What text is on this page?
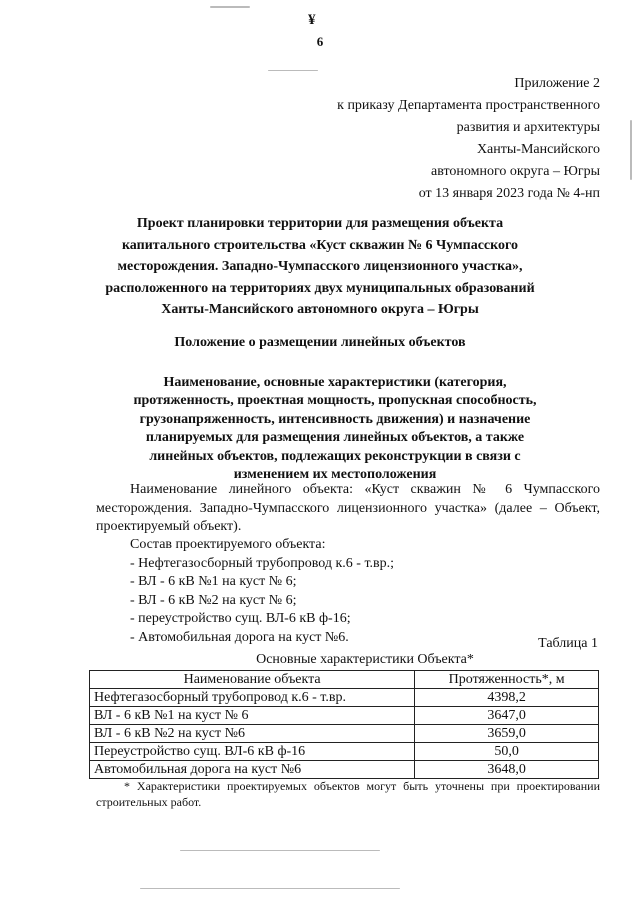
¥
6
Приложение 2
к приказу Департамента пространственного
развития и архитектуры
Ханты-Мансийского
автономного округа – Югры
от 13 января 2023 года № 4-нп
Проект планировки территории для размещения объекта
капитального строительства «Куст скважин № 6 Чумпасского
месторождения. Западно-Чумпасского лицензионного участка»,
расположенного на территориях двух муниципальных образований
Ханты-Мансийского автономного округа – Югры
Положение о размещении линейных объектов
Наименование, основные характеристики (категория,
протяженность, проектная мощность, пропускная способность,
грузонапряженность, интенсивность движения) и назначение
планируемых для размещения линейных объектов, а также
линейных объектов, подлежащих реконструкции в связи с
изменением их местоположения
Наименование линейного объекта: «Куст скважин № 6 Чумпасского месторождения. Западно-Чумпасского лицензионного участка» (далее – Объект, проектируемый объект).
Состав проектируемого объекта:
- Нефтегазосборный трубопровод к.6 - т.вр.;
- ВЛ - 6 кВ №1 на куст № 6;
- ВЛ - 6 кВ №2 на куст № 6;
- переустройство сущ. ВЛ-6 кВ ф-16;
- Автомобильная дорога на куст №6.	Таблица 1
Основные характеристики Объекта*
Наименование объекта	Протяженность*, м
Нефтегазосборный трубопровод к.6 - т.вр.	4398,2
ВЛ - 6 кВ №1 на куст № 6	3647,0
ВЛ - 6 кВ №2 на куст №6	3659,0
Переустройство сущ. ВЛ-6 кВ ф-16	50,0
Автомобильная дорога на куст №6	3648,0
* Характеристики проектируемых объектов могут быть уточнены при проектировании строительных работ.
